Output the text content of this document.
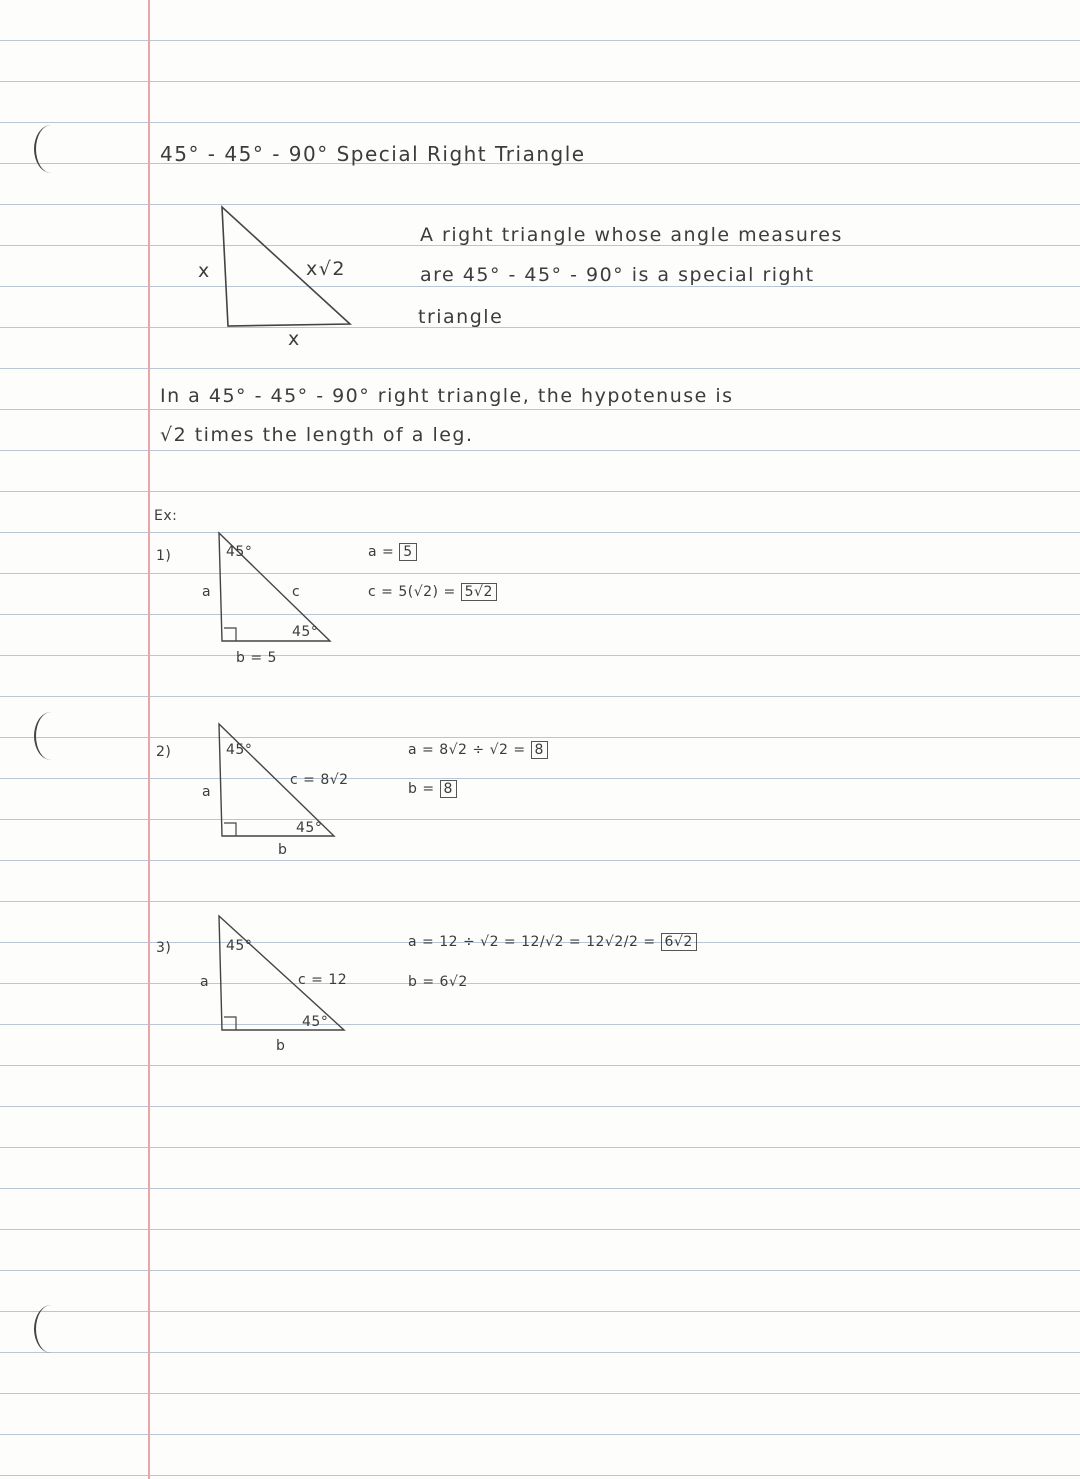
45° - 45° - 90° Special Right Triangle
x	x√2
x
A right triangle whose angle measures
are 45° - 45° - 90° is a special right
triangle
In a 45° - 45° - 90° right triangle, the hypotenuse is
√2 times the length of a leg.
Ex:
1)	45°
45°
a	c
b = 5
a = 5
c = 5(√2) = 5√2
2)	45°
45°
a
c = 8√2
b
a = 8√2 ÷ √2 = 8
b = 8
3)	45°
45°
a	c = 12
b
a = 12 ÷ √2 = 12/√2 = 12√2/2 = 6√2
b = 6√2
